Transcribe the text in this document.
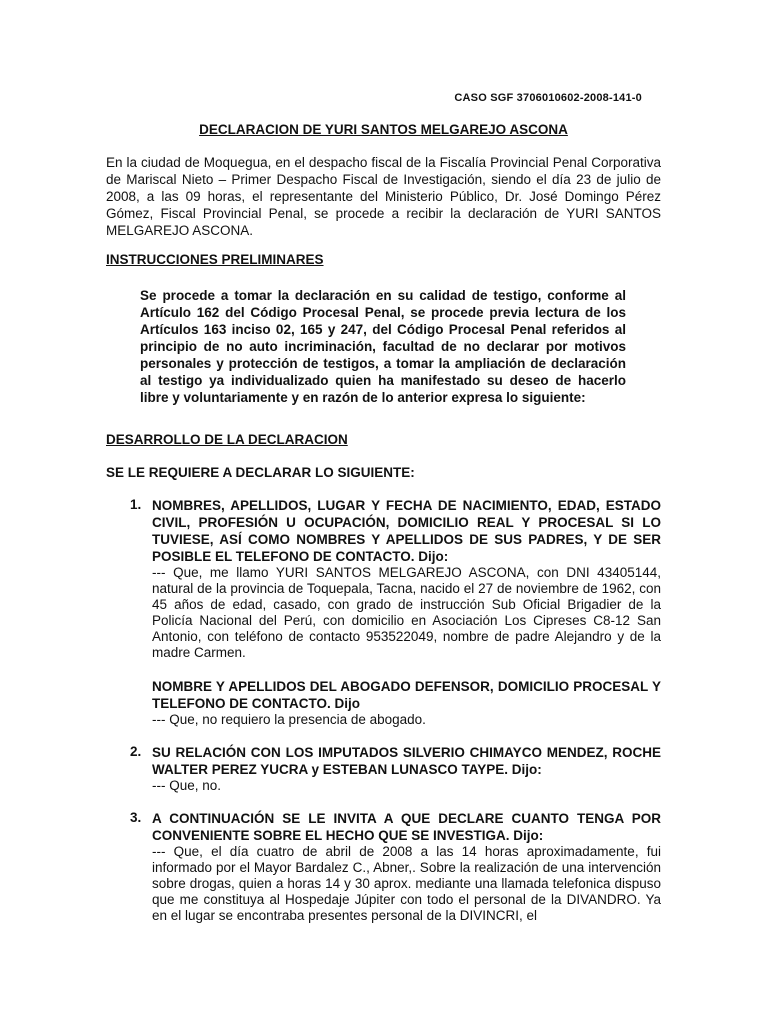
CASO SGF 3706010602-2008-141-0
DECLARACION DE YURI SANTOS MELGAREJO ASCONA

En la ciudad de Moquegua, en el despacho fiscal de la Fiscalía Provincial Penal Corporativa de Mariscal Nieto – Primer Despacho Fiscal de Investigación, siendo el día 23 de julio de 2008, a las 09 horas, el representante del Ministerio Público, Dr. José Domingo Pérez Gómez, Fiscal Provincial Penal, se procede a recibir la declaración de YURI SANTOS MELGAREJO ASCONA.

INSTRUCCIONES PRELIMINARES

Se procede a tomar la declaración en su calidad de testigo, conforme al Artículo 162 del Código Procesal Penal, se procede previa lectura de los Artículos 163 inciso 02, 165 y 247, del Código Procesal Penal referidos al principio de no auto incriminación, facultad de no declarar por motivos personales y protección de testigos, a tomar la ampliación de declaración al testigo ya individualizado quien ha manifestado su deseo de hacerlo libre y voluntariamente y en razón de lo anterior expresa lo siguiente:

DESARROLLO DE LA DECLARACION
SE LE REQUIERE A DECLARAR LO SIGUIENTE:
1. NOMBRES, APELLIDOS, LUGAR Y FECHA DE NACIMIENTO, EDAD, ESTADO CIVIL, PROFESIÓN U OCUPACIÓN, DOMICILIO REAL Y PROCESAL SI LO TUVIESE, ASÍ COMO NOMBRES Y APELLIDOS DE SUS PADRES, Y DE SER POSIBLE EL TELEFONO DE CONTACTO. Dijo:

--- Que, me llamo YURI SANTOS MELGAREJO ASCONA, con DNI 43405144, natural de la provincia de Toquepala, Tacna, nacido el 27 de noviembre de 1962, con 45 años de edad, casado, con grado de instrucción Sub Oficial Brigadier de la Policía Nacional del Perú, con domicilio en Asociación Los Cipreses C8-12 San Antonio, con teléfono de contacto 953522049, nombre de padre Alejandro y de la madre Carmen.

NOMBRE Y APELLIDOS DEL ABOGADO DEFENSOR, DOMICILIO PROCESAL Y TELEFONO DE CONTACTO. Dijo

--- Que, no requiero la presencia de abogado.

2. SU RELACIÓN CON LOS IMPUTADOS SILVERIO CHIMAYCO MENDEZ, ROCHE WALTER PEREZ YUCRA y ESTEBAN LUNASCO TAYPE. Dijo:

--- Que, no.

3. A CONTINUACIÓN SE LE INVITA A QUE DECLARE CUANTO TENGA POR CONVENIENTE SOBRE EL HECHO QUE SE INVESTIGA. Dijo:

--- Que, el día cuatro de abril de 2008 a las 14 horas aproximadamente, fui informado por el Mayor Bardalez C., Abner,. Sobre la realización de una intervención sobre drogas, quien a horas 14 y 30 aprox. mediante una llamada telefonica dispuso que me constituya al Hospedaje Júpiter con todo el personal de la DIVANDRO. Ya en el lugar se encontraba presentes personal de la DIVINCRI, el
